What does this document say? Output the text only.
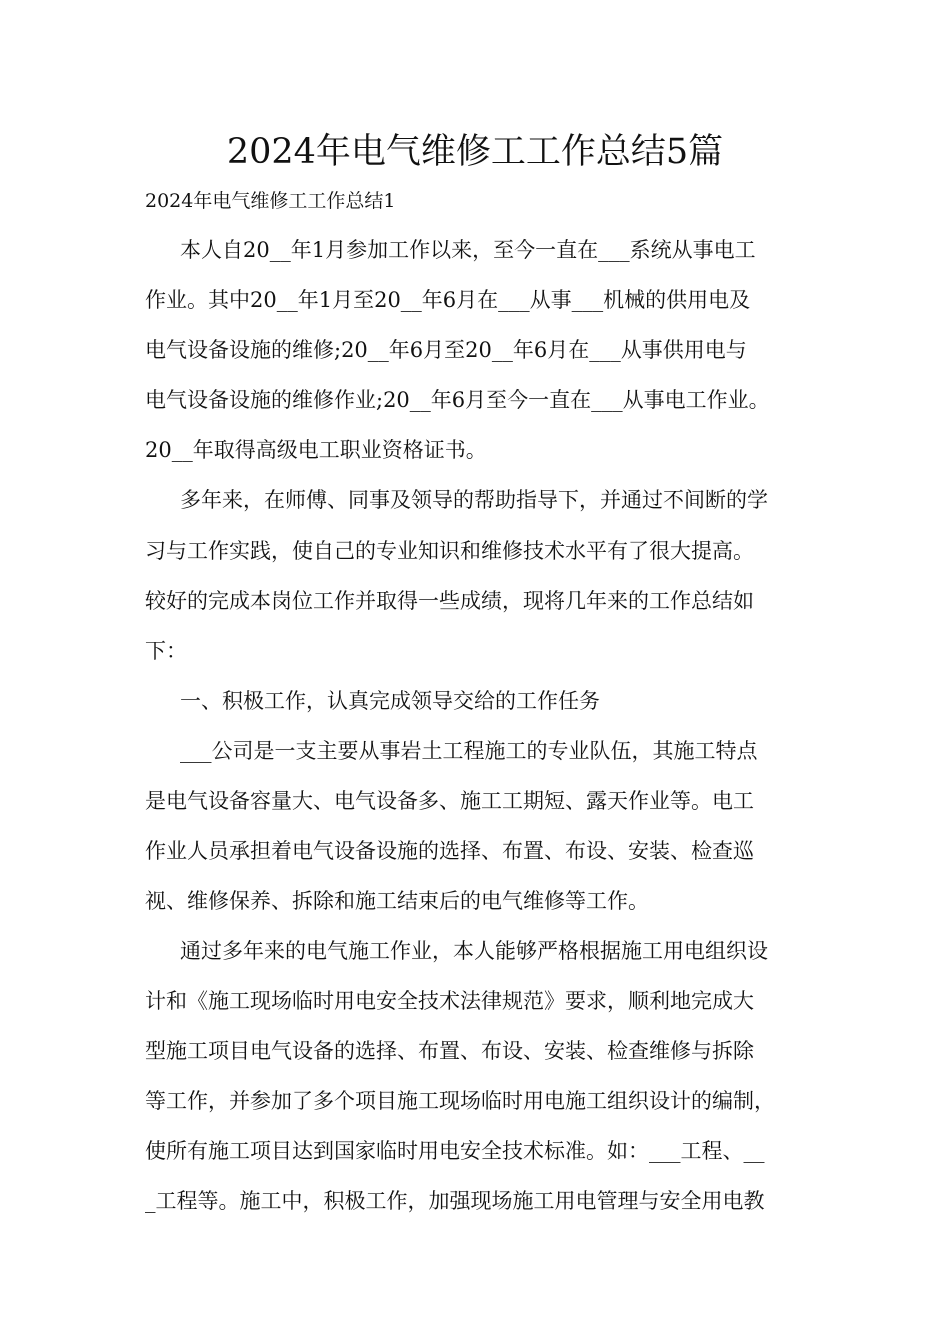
2024年电气维修工工作总结5篇

2024年电气维修工工作总结1

本人自20__年1月参加工作以来，至今一直在___系统从事电工

作业。其中20__年1月至20__年6月在___从事___机械的供用电及

电气设备设施的维修;20__年6月至20__年6月在___从事供用电与

电气设备设施的维修作业;20__年6月至今一直在___从事电工作业。

20__年取得高级电工职业资格证书。

多年来，在师傅、同事及领导的帮助指导下，并通过不间断的学

习与工作实践，使自己的专业知识和维修技术水平有了很大提高。

较好的完成本岗位工作并取得一些成绩，现将几年来的工作总结如

下：

一、积极工作，认真完成领导交给的工作任务

___公司是一支主要从事岩土工程施工的专业队伍，其施工特点

是电气设备容量大、电气设备多、施工工期短、露天作业等。电工

作业人员承担着电气设备设施的选择、布置、布设、安装、检查巡

视、维修保养、拆除和施工结束后的电气维修等工作。

通过多年来的电气施工作业，本人能够严格根据施工用电组织设

计和《施工现场临时用电安全技术法律规范》要求，顺利地完成大

型施工项目电气设备的选择、布置、布设、安装、检查维修与拆除

等工作，并参加了多个项目施工现场临时用电施工组织设计的编制，

使所有施工项目达到国家临时用电安全技术标准。如：___工程、__

_工程等。施工中，积极工作，加强现场施工用电管理与安全用电教
